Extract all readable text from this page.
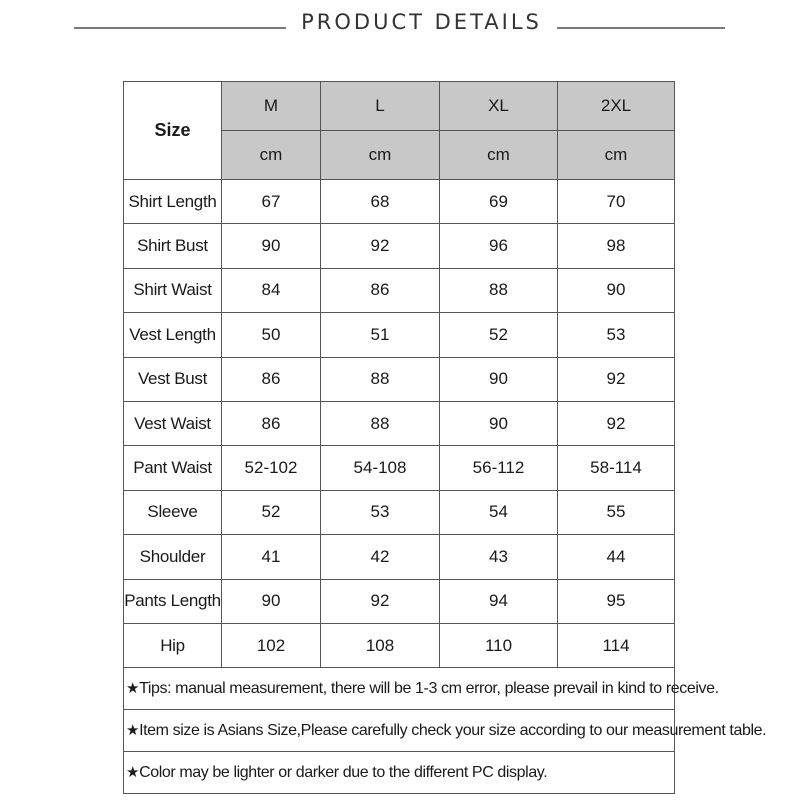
PRODUCT DETAILS
Size	M	L	XL	2XL
	cm	cm	cm	cm
Shirt Length	67	68	69	70
Shirt Bust	90	92	96	98
Shirt Waist	84	86	88	90
Vest Length	50	51	52	53
Vest Bust	86	88	90	92
Vest Waist	86	88	90	92
Pant Waist	52-102	54-108	56-112	58-114
Sleeve	52	53	54	55
Shoulder	41	42	43	44
Pants Length	90	92	94	95
Hip	102	108	110	114
★Tips: manual measurement, there will be 1-3 cm error, please prevail in kind to receive.				
★Item size is Asians Size,Please carefully check your size according to our measurement table.				
★Color may be lighter or darker due to the different PC display.				
